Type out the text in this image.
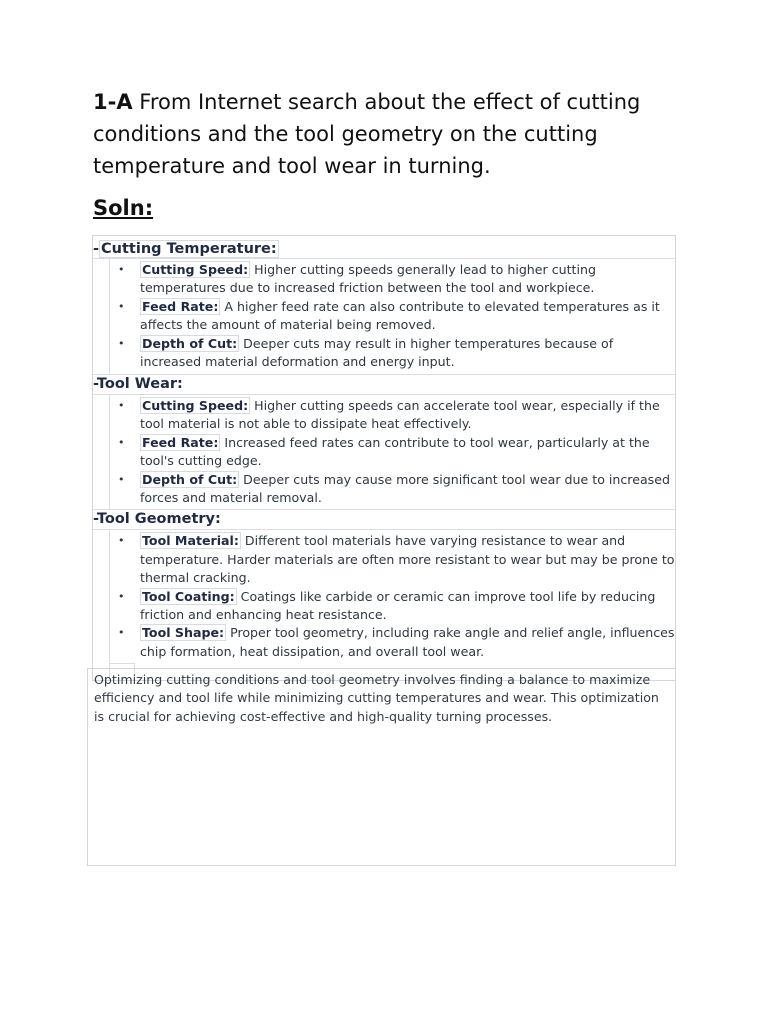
1-A From Internet search about the effect of cutting conditions and the tool geometry on the cutting temperature and tool wear in turning.
Soln:
- Cutting Temperature:
• Cutting Speed: Higher cutting speeds generally lead to higher cutting temperatures due to increased friction between the tool and workpiece.
• Feed Rate: A higher feed rate can also contribute to elevated temperatures as it affects the amount of material being removed.
• Depth of Cut: Deeper cuts may result in higher temperatures because of increased material deformation and energy input.
-Tool Wear:
• Cutting Speed: Higher cutting speeds can accelerate tool wear, especially if the tool material is not able to dissipate heat effectively.
• Feed Rate: Increased feed rates can contribute to tool wear, particularly at the tool's cutting edge.
• Depth of Cut: Deeper cuts may cause more significant tool wear due to increased forces and material removal.
-Tool Geometry:
• Tool Material: Different tool materials have varying resistance to wear and temperature. Harder materials are often more resistant to wear but may be prone to thermal cracking.
• Tool Coating: Coatings like carbide or ceramic can improve tool life by reducing friction and enhancing heat resistance.
• Tool Shape: Proper tool geometry, including rake angle and relief angle, influences chip formation, heat dissipation, and overall tool wear.
Optimizing cutting conditions and tool geometry involves finding a balance to maximize efficiency and tool life while minimizing cutting temperatures and wear. This optimization is crucial for achieving cost-effective and high-quality turning processes.
